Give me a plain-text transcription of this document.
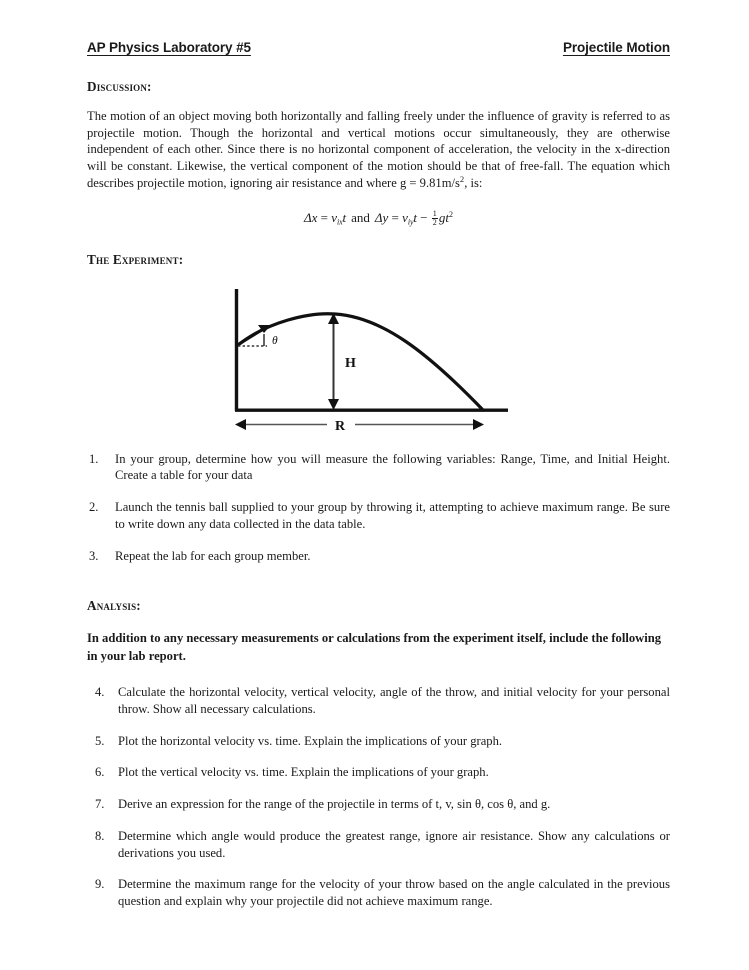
AP Physics Laboratory #5	Projectile Motion
Discussion:

The motion of an object moving both horizontally and falling freely under the influence of gravity is referred to as projectile motion. Though the horizontal and vertical motions occur simultaneously, they are otherwise independent of each other. Since there is no horizontal component of acceleration, the velocity in the x-direction will be constant. Likewise, the vertical component of the motion should be that of free-fall. The equation which describes projectile motion, ignoring air resistance and where $g = 9.81m/s^2$, is:

$\Delta x = v_{ix}t$ and $\Delta y = v_{iy}t - \frac{1}{2} gt^2$
The Experiment:
θ
H
R
1.	In your group, determine how you will measure the following variables: Range, Time, and Initial Height. Create a table for your data
2.	Launch the tennis ball supplied to your group by throwing it, attempting to achieve maximum range. Be sure to write down any data collected in the data table.
3.	Repeat the lab for each group member.
Analysis:

In addition to any necessary measurements or calculations from the experiment itself, include the following in your lab report.

4.	Calculate the horizontal velocity, vertical velocity, angle of the throw, and initial velocity for your personal throw. Show all necessary calculations.
5.	Plot the horizontal velocity vs. time. Explain the implications of your graph.
6.	Plot the vertical velocity vs. time. Explain the implications of your graph.
7.	Derive an expression for the range of the projectile in terms of t, v, sin θ, cos θ, and g.
8.	Determine which angle would produce the greatest range, ignore air resistance. Show any calculations or derivations you used.
9.	Determine the maximum range for the velocity of your throw based on the angle calculated in the previous question and explain why your projectile did not achieve maximum range.
